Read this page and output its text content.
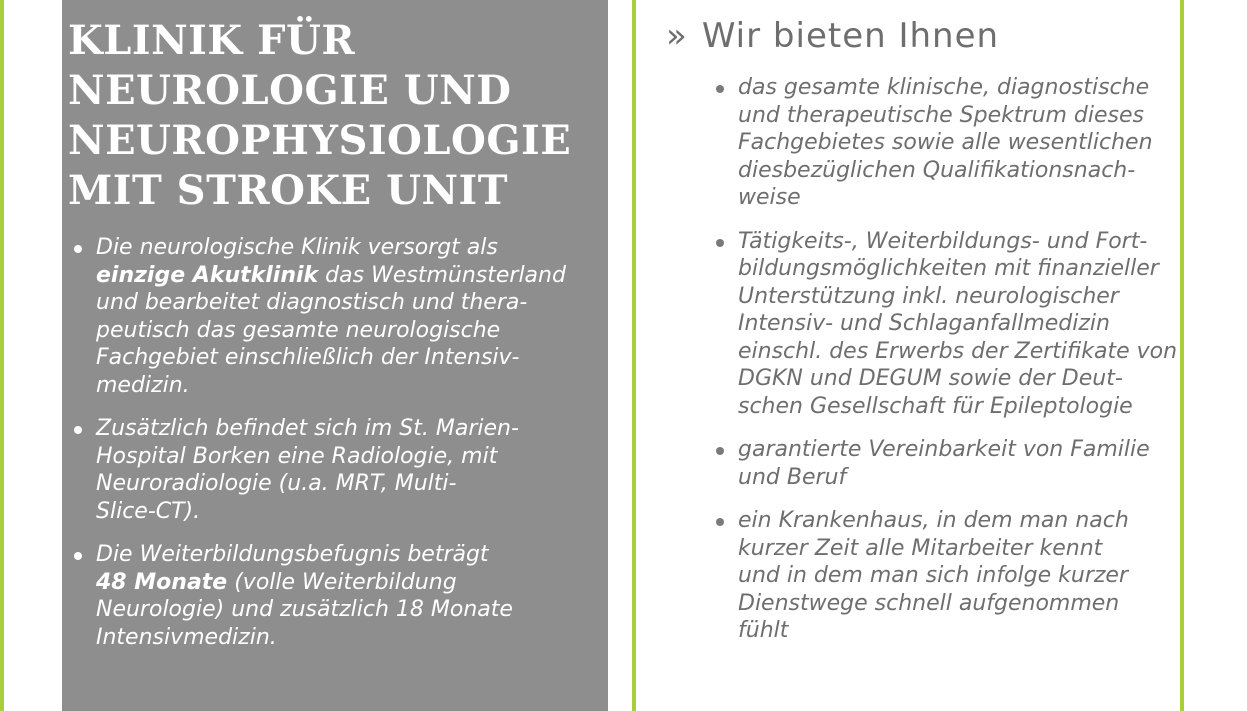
» KLINIK FÜR
NEUROLOGIE UND
NEUROPHYSIOLOGIE
MIT STROKE UNIT
Die neurologische Klinik versorgt als
einzige Akutklinik das Westmünsterland
und bearbeitet diagnostisch und thera-
peutisch das gesamte neurologische
Fachgebiet einschließlich der Intensiv-
medizin.
Zusätzlich befindet sich im St. Marien-
Hospital Borken eine Radiologie, mit
Neuroradiologie (u.a. MRT, Multi-
Slice-CT).
Die Weiterbildungsbefugnis beträgt
48 Monate (volle Weiterbildung
Neurologie) und zusätzlich 18 Monate
Intensivmedizin.
» Wir bieten Ihnen
das gesamte klinische, diagnostische
und therapeutische Spektrum dieses
Fachgebietes sowie alle wesentlichen
diesbezüglichen Qualifikationsnach-
weise
Tätigkeits-, Weiterbildungs- und Fort-
bildungsmöglichkeiten mit finanzieller
Unterstützung inkl. neurologischer
Intensiv- und Schlaganfallmedizin
einschl. des Erwerbs der Zertifikate von
DGKN und DEGUM sowie der Deut-
schen Gesellschaft für Epileptologie
garantierte Vereinbarkeit von Familie
und Beruf
ein Krankenhaus, in dem man nach
kurzer Zeit alle Mitarbeiter kennt
und in dem man sich infolge kurzer
Dienstwege schnell aufgenommen
fühlt
